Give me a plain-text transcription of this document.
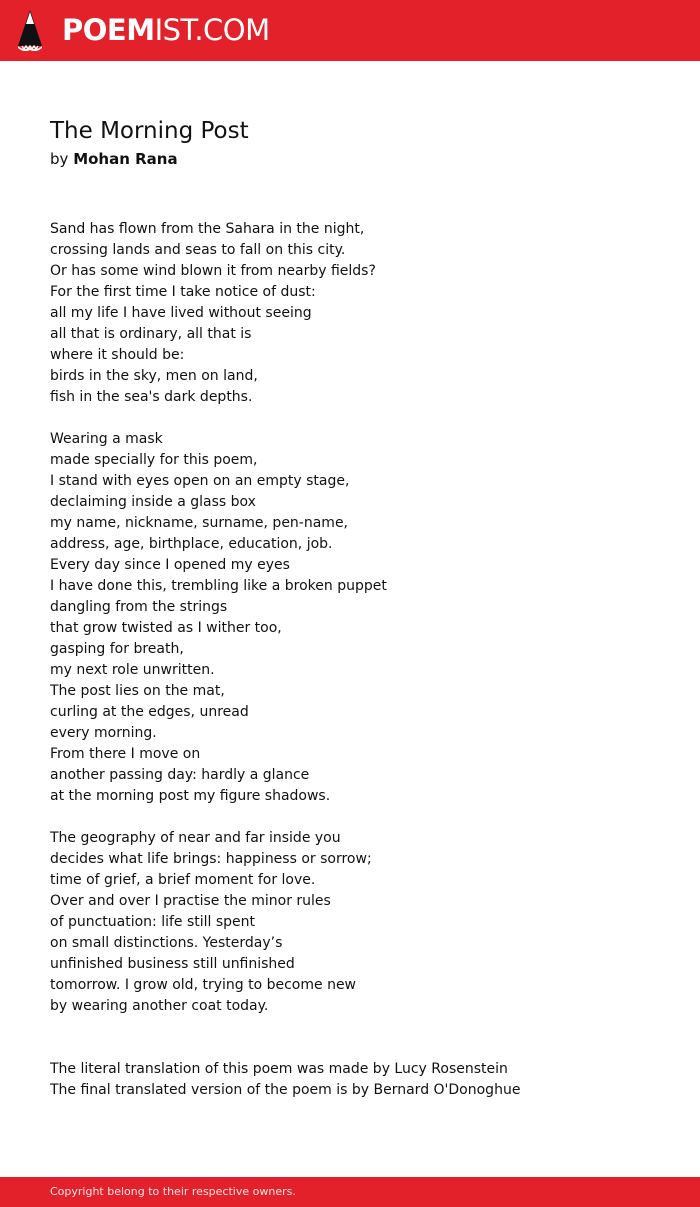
POEMIST.COM
The Morning Post
by Mohan Rana
Sand has flown from the Sahara in the night,
crossing lands and seas to fall on this city.
Or has some wind blown it from nearby fields?
For the first time I take notice of dust:
all my life I have lived without seeing
all that is ordinary, all that is
where it should be:
birds in the sky, men on land,
fish in the sea's dark depths.
Wearing a mask
made specially for this poem,
I stand with eyes open on an empty stage,
declaiming inside a glass box
my name, nickname, surname, pen-name,
address, age, birthplace, education, job.
Every day since I opened my eyes
I have done this, trembling like a broken puppet
dangling from the strings
that grow twisted as I wither too,
gasping for breath,
my next role unwritten.
The post lies on the mat,
curling at the edges, unread
every morning.
From there I move on
another passing day: hardly a glance
at the morning post my figure shadows.
The geography of near and far inside you
decides what life brings: happiness or sorrow;
time of grief, a brief moment for love.
Over and over I practise the minor rules
of punctuation: life still spent
on small distinctions. Yesterday’s
unfinished business still unfinished
tomorrow. I grow old, trying to become new
by wearing another coat today.
The literal translation of this poem was made by Lucy Rosenstein
The final translated version of the poem is by Bernard O'Donoghue
Copyright belong to their respective owners.
